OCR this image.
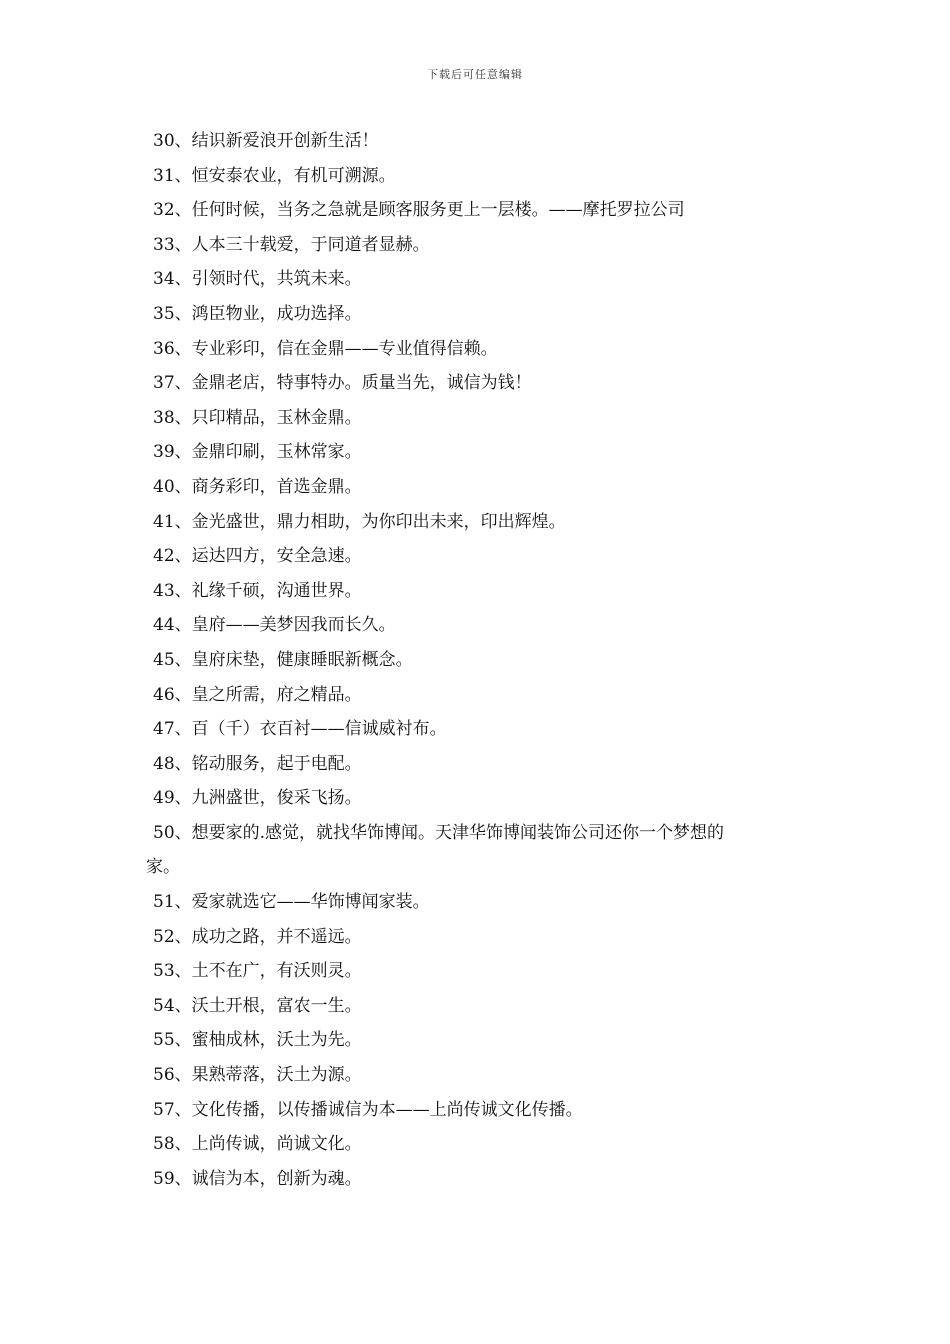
下载后可任意编辑
30、结识新爱浪开创新生活！
31、恒安泰农业，有机可溯源。
32、任何时候，当务之急就是顾客服务更上一层楼。——摩托罗拉公司
33、人本三十载爱，于同道者显赫。
34、引领时代，共筑未来。
35、鸿臣物业，成功选择。
36、专业彩印，信在金鼎——专业值得信赖。
37、金鼎老店，特事特办。质量当先，诚信为钱！
38、只印精品，玉林金鼎。
39、金鼎印刷，玉林常家。
40、商务彩印，首选金鼎。
41、金光盛世，鼎力相助，为你印出未来，印出辉煌。
42、运达四方，安全急速。
43、礼缘千硕，沟通世界。
44、皇府——美梦因我而长久。
45、皇府床垫，健康睡眠新概念。
46、皇之所需，府之精品。
47、百（千）衣百衬——信诚威衬布。
48、铭动服务，起于电配。
49、九洲盛世，俊采飞扬。
50、想要家的.感觉，就找华饰博闻。天津华饰博闻装饰公司还你一个梦想的
家。
51、爱家就选它——华饰博闻家装。
52、成功之路，并不遥远。
53、土不在广，有沃则灵。
54、沃土开根，富农一生。
55、蜜柚成林，沃土为先。
56、果熟蒂落，沃土为源。
57、文化传播，以传播诚信为本——上尚传诚文化传播。
58、上尚传诚，尚诚文化。
59、诚信为本，创新为魂。
